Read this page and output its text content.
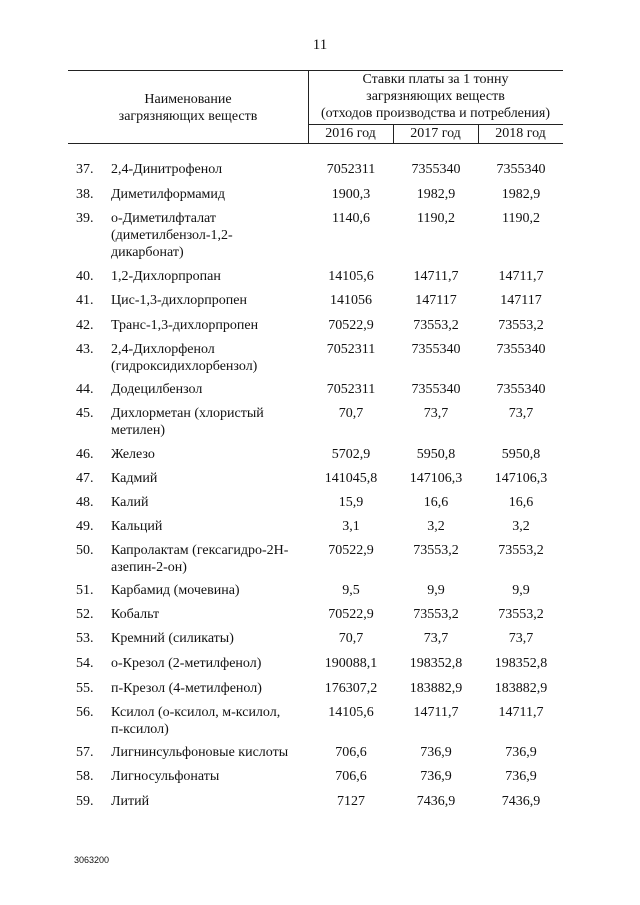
11
Наименование
загрязняющих веществ
Ставки платы за 1 тонну
загрязняющих веществ
(отходов производства и потребления)
2016 год	2017 год	2018 год
37.	2,4-Динитрофенол	7052311	7355340	7355340
38.	Диметилформамид	1900,3	1982,9	1982,9
39.	о-Диметилфталат
(диметилбензол-1,2-
дикарбонат)
1140,6	1190,2	1190,2
40.	1,2-Дихлорпропан	14105,6	14711,7	14711,7
41.	Цис-1,3-дихлорпропен	141056	147117	147117
42.	Транс-1,3-дихлорпропен	70522,9	73553,2	73553,2
43.	2,4-Дихлорфенол
(гидроксидихлорбензол)
7052311	7355340	7355340
44.	Додецилбензол	7052311	7355340	7355340
45.	Дихлорметан (хлористый
метилен)
70,7	73,7	73,7
46.	Железо	5702,9	5950,8	5950,8
47.	Кадмий	141045,8	147106,3	147106,3
48.	Калий	15,9	16,6	16,6
49.	Кальций	3,1	3,2	3,2
50.	Капролактам (гексагидро-2Н-
азепин-2-он)
70522,9	73553,2	73553,2
51.	Карбамид (мочевина)	9,5	9,9	9,9
52.	Кобальт	70522,9	73553,2	73553,2
53.	Кремний (силикаты)	70,7	73,7	73,7
54.	о-Крезол (2-метилфенол)	190088,1	198352,8	198352,8
55.	п-Крезол (4-метилфенол)	176307,2	183882,9	183882,9
56.	Ксилол (о-ксилол, м-ксилол,
п-ксилол)
14105,6	14711,7	14711,7
57.	Лигнинсульфоновые кислоты	706,6	736,9	736,9
58.	Лигносульфонаты	706,6	736,9	736,9
59.	Литий	7127	7436,9	7436,9
3063200
